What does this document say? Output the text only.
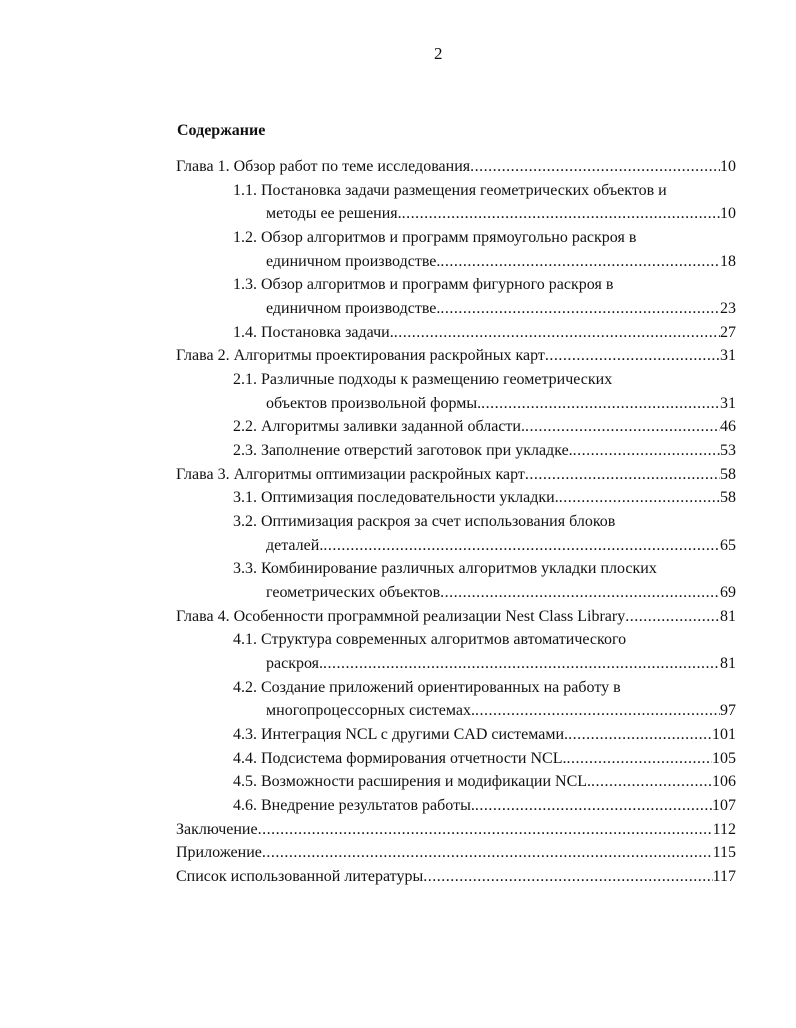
2
Содержание
Глава 1. Обзор работ по теме исследования .....	10
1.1. Постановка задачи размещения геометрических объектов и
методы ее решения. .....	10
1.2. Обзор алгоритмов и программ прямоугольно раскроя в
единичном производстве. .....	18
1.3. Обзор алгоритмов и программ фигурного раскроя в
единичном производстве. .....	23
1.4. Постановка задачи. .....	27
Глава 2. Алгоритмы проектирования раскройных карт .....	31
2.1. Различные подходы к размещению геометрических
объектов произвольной формы. .....	31
2.2. Алгоритмы заливки заданной области. .....	46
2.3. Заполнение отверстий заготовок при укладке. .....	53
Глава 3. Алгоритмы оптимизации раскройных карт .....	58
3.1. Оптимизация последовательности укладки. .....	58
3.2. Оптимизация раскроя за счет использования блоков
деталей. .....	65
3.3. Комбинирование различных алгоритмов укладки плоских
геометрических объектов .....	69
Глава 4. Особенности программной реализации Nest Class Library .....	81
4.1. Структура современных алгоритмов автоматического
раскроя. .....	81
4.2. Создание приложений ориентированных на работу в
многопроцессорных системах. .....	97
4.3. Интеграция NCL с другими CAD системами. .....	101
4.4. Подсистема формирования отчетности NCL. .....	105
4.5. Возможности расширения и модификации NCL. .....	106
4.6. Внедрение результатов работы. .....	107
Заключение .....	112
Приложение .....	115
Список использованной литературы .....	117
